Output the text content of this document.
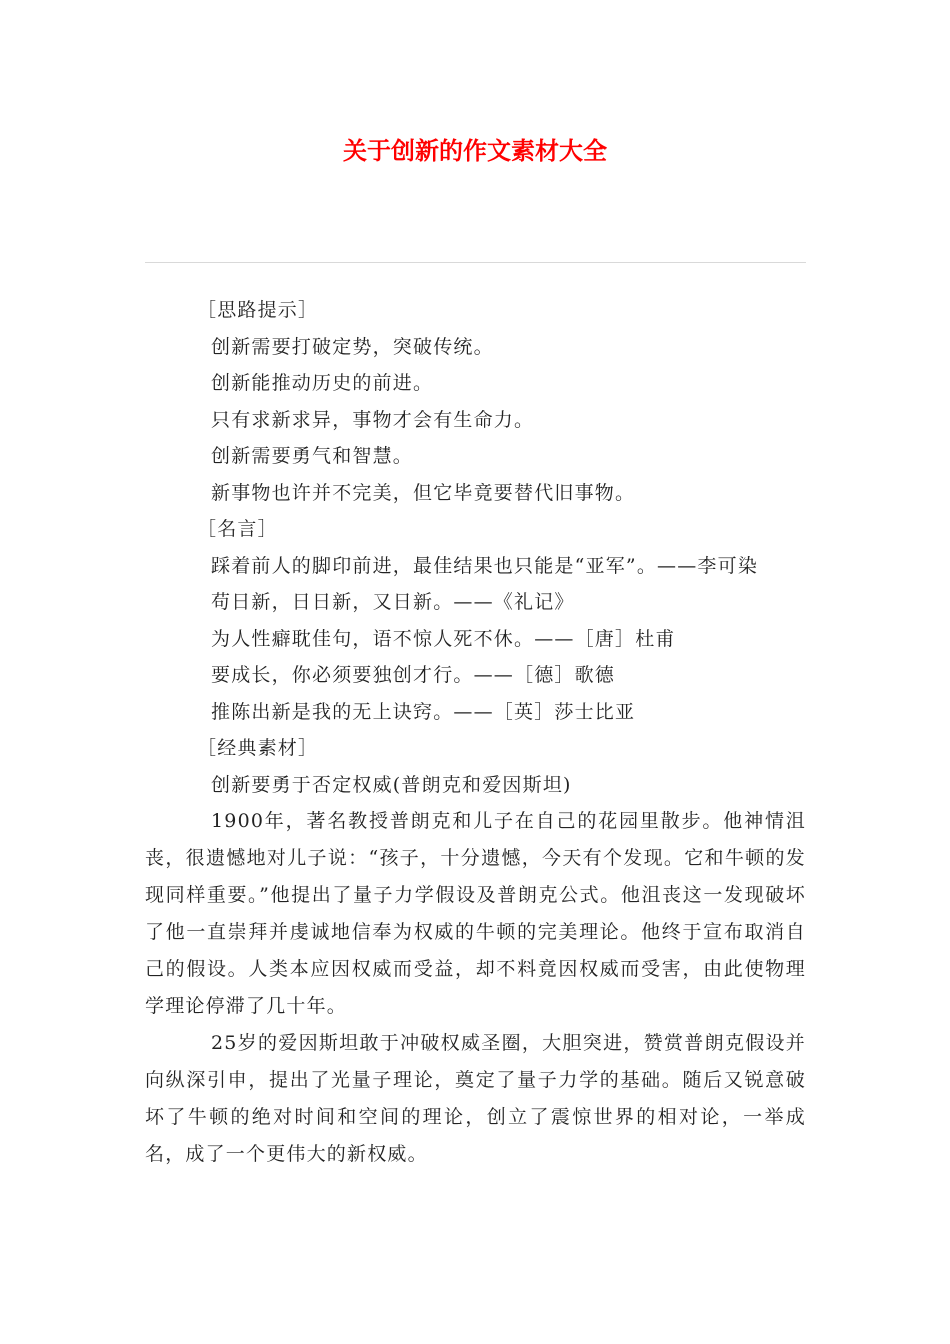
关于创新的作文素材大全

［思路提示］

创新需要打破定势，突破传统。

创新能推动历史的前进。

只有求新求异，事物才会有生命力。

创新需要勇气和智慧。

新事物也许并不完美，但它毕竟要替代旧事物。

［名言］

踩着前人的脚印前进，最佳结果也只能是“亚军”。——李可染

苟日新，日日新，又日新。——《礼记》

为人性癖耽佳句，语不惊人死不休。——［唐］杜甫

要成长，你必须要独创才行。——［德］歌德

推陈出新是我的无上诀窍。——［英］莎士比亚

［经典素材］

创新要勇于否定权威(普朗克和爱因斯坦)

1900年，著名教授普朗克和儿子在自己的花园里散步。他神情沮丧，很遗憾地对儿子说：“孩子，十分遗憾，今天有个发现。它和牛顿的发现同样重要。”他提出了量子力学假设及普朗克公式。他沮丧这一发现破坏了他一直崇拜并虔诚地信奉为权威的牛顿的完美理论。他终于宣布取消自己的假设。人类本应因权威而受益，却不料竟因权威而受害，由此使物理学理论停滞了几十年。

25岁的爱因斯坦敢于冲破权威圣圈，大胆突进，赞赏普朗克假设并向纵深引申，提出了光量子理论，奠定了量子力学的基础。随后又锐意破坏了牛顿的绝对时间和空间的理论，创立了震惊世界的相对论，一举成名，成了一个更伟大的新权威。
